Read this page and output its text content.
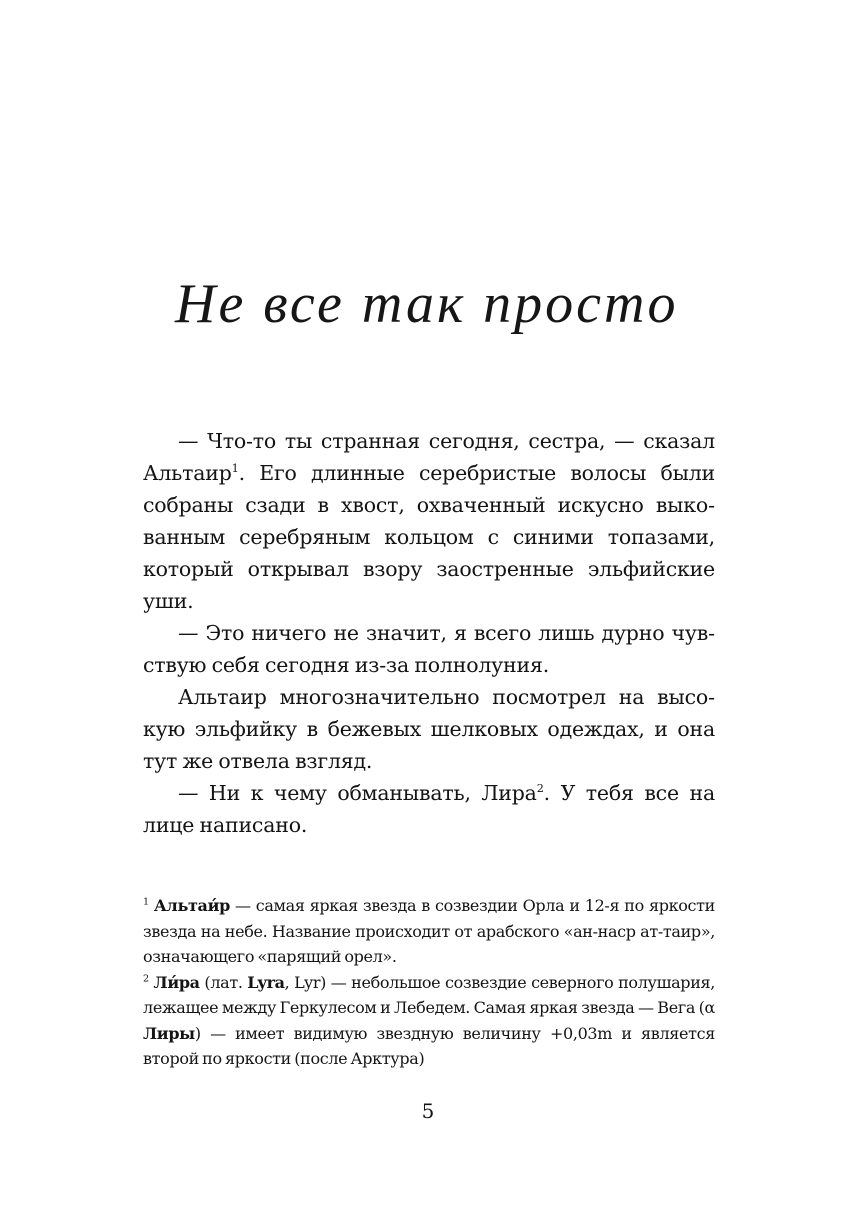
Не все так просто

— Что-то ты странная сегодня, сестра, — сказал Альтаир$^1$. Его длинные серебристые волосы были собраны сзади в хвост, охваченный искусно выкованным серебряным кольцом с синими топазами, который открывал взору заостренные эльфийские уши.

— Это ничего не значит, я всего лишь дурно чувствую себя сегодня из-за полнолуния.

Альтаир многозначительно посмотрел на высокую эльфийку в бежевых шелковых одеждах, и она тут же отвела взгляд.

— Ни к чему обманывать, Лира$^2$. У тебя все на лице написано.

$^1$ Альтаи́р — самая яркая звезда в созвездии Орла и 12-я по яркости звезда на небе. Название происходит от арабского «ан-наср ат-таир», означающего «парящий орел».

$^2$ Ли́ра (лат. Lyra, Lyr) — небольшое созвездие северного полушария, лежащее между Геркулесом и Лебедем. Самая яркая звезда — Вега (α Лиры) — имеет видимую звездную величину +0,03m и является второй по яркости (после Арктура)

5
